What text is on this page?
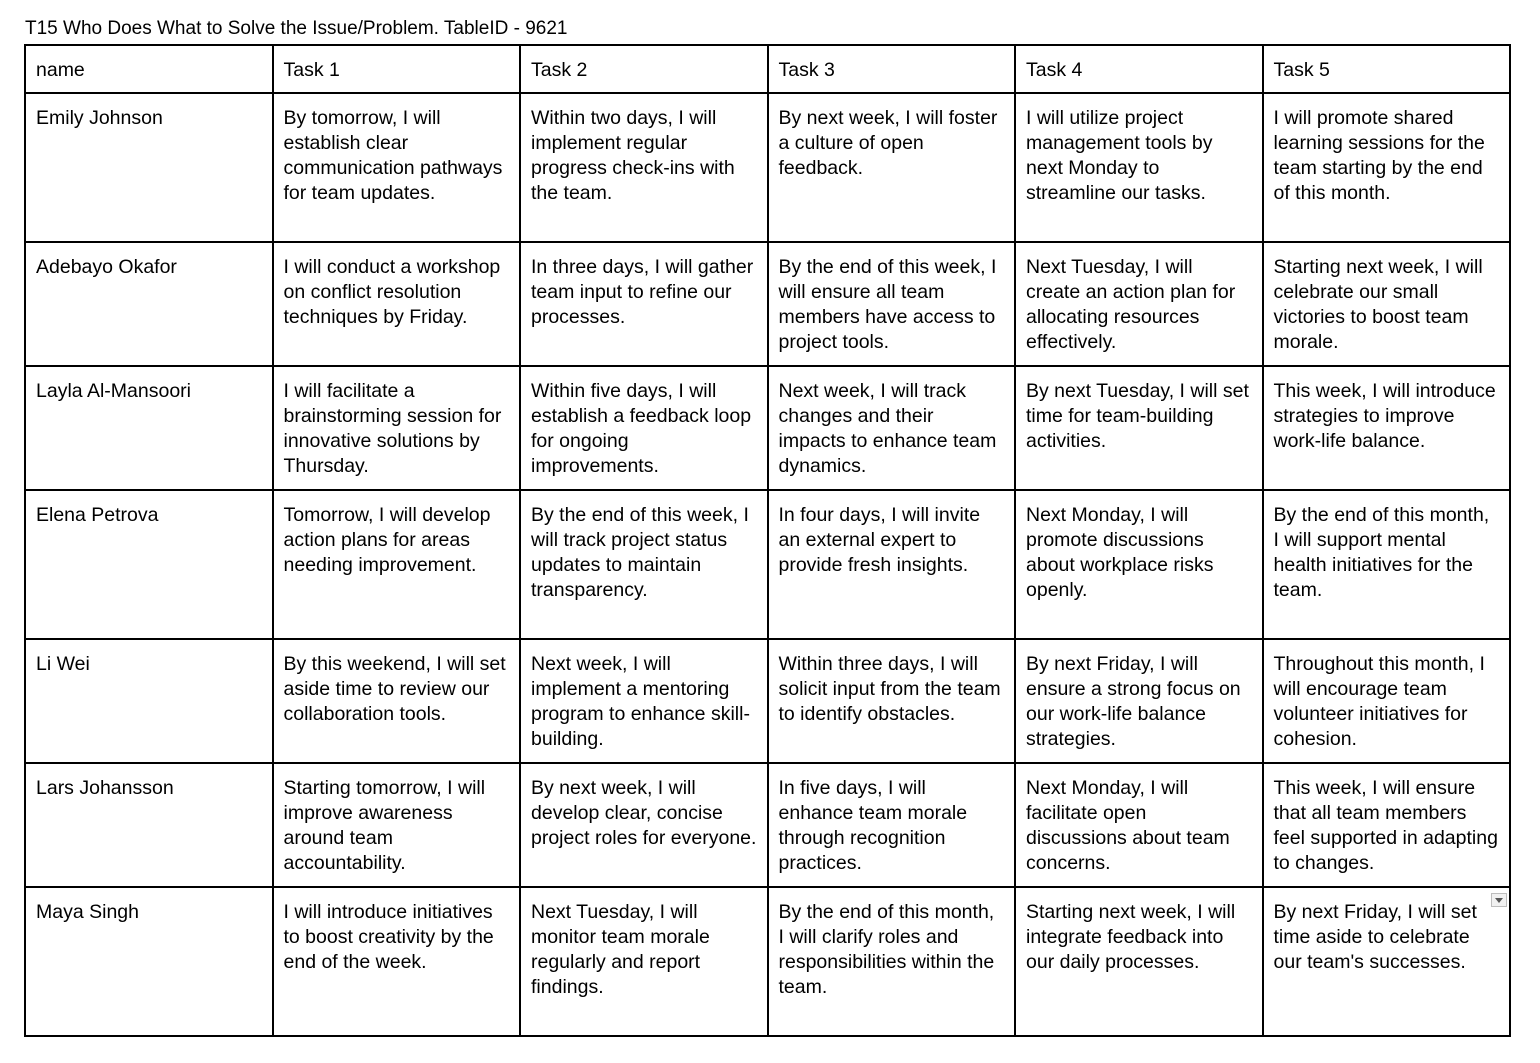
T15 Who Does What to Solve the Issue/Problem. TableID - 9621
name	Task 1	Task 2	Task 3	Task 4	Task 5
Emily Johnson	By tomorrow, I will establish clear communication pathways for team updates.	Within two days, I will implement regular progress check-ins with the team.	By next week, I will foster a culture of open feedback.	I will utilize project management tools by next Monday to streamline our tasks.	I will promote shared learning sessions for the team starting by the end of this month.
Adebayo Okafor	I will conduct a workshop on conflict resolution techniques by Friday.	In three days, I will gather team input to refine our processes.	By the end of this week, I will ensure all team members have access to project tools.	Next Tuesday, I will create an action plan for allocating resources effectively.	Starting next week, I will celebrate our small victories to boost team morale.
Layla Al-Mansoori	I will facilitate a brainstorming session for innovative solutions by Thursday.	Within five days, I will establish a feedback loop for ongoing improvements.	Next week, I will track changes and their impacts to enhance team dynamics.	By next Tuesday, I will set time for team-building activities.	This week, I will introduce strategies to improve work-life balance.
Elena Petrova	Tomorrow, I will develop action plans for areas needing improvement.	By the end of this week, I will track project status updates to maintain transparency.	In four days, I will invite an external expert to provide fresh insights.	Next Monday, I will promote discussions about workplace risks openly.	By the end of this month, I will support mental health initiatives for the team.
Li Wei	By this weekend, I will set aside time to review our collaboration tools.	Next week, I will implement a mentoring program to enhance skill-building.	Within three days, I will solicit input from the team to identify obstacles.	By next Friday, I will ensure a strong focus on our work-life balance strategies.	Throughout this month, I will encourage team volunteer initiatives for cohesion.
Lars Johansson	Starting tomorrow, I will improve awareness around team accountability.	By next week, I will develop clear, concise project roles for everyone.	In five days, I will enhance team morale through recognition practices.	Next Monday, I will facilitate open discussions about team concerns.	This week, I will ensure that all team members feel supported in adapting to changes.
Maya Singh	I will introduce initiatives to boost creativity by the end of the week.	Next Tuesday, I will monitor team morale regularly and report findings.	By the end of this month, I will clarify roles and responsibilities within the team.	Starting next week, I will integrate feedback into our daily processes.	By next Friday, I will set time aside to celebrate our team's successes.
